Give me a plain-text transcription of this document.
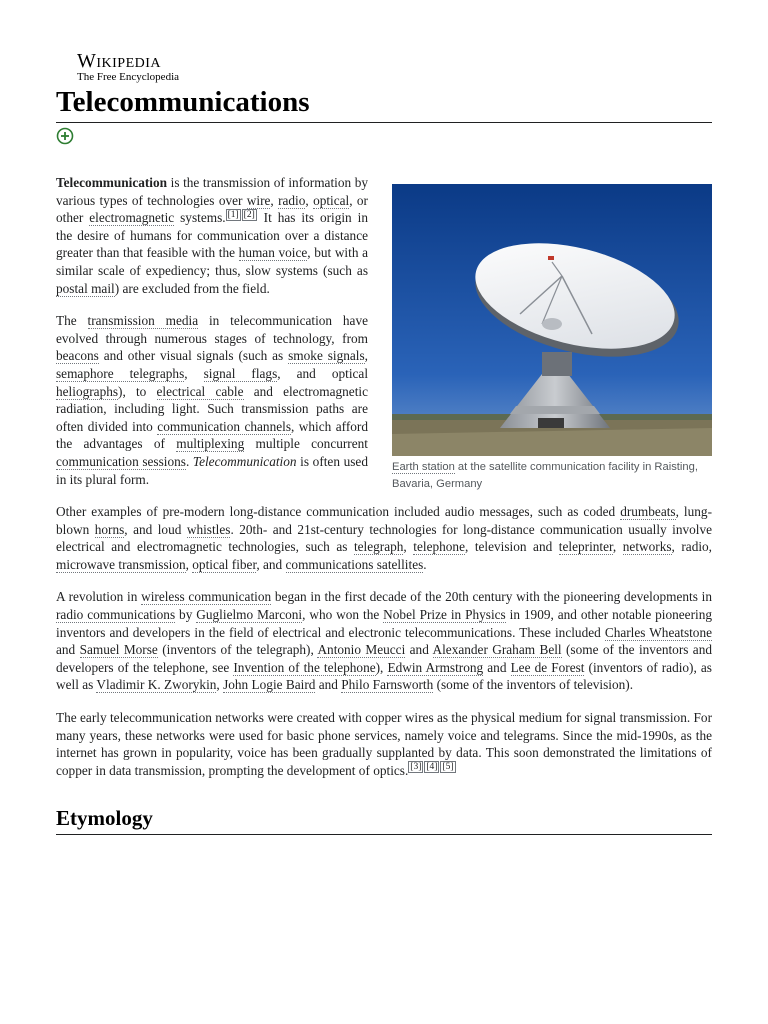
Wikipedia
The Free Encyclopedia
Telecommunications
Earth station at the satellite communication facility in Raisting, Bavaria, Germany

Telecommunication is the transmission of information by various types of technologies over wire, radio, optical, or other electromagnetic systems. [1] [2] It has its origin in the desire of humans for communication over a distance greater than that feasible with the human voice, but with a similar scale of expediency; thus, slow systems (such as postal mail) are excluded from the field.

The transmission media in telecommunication have evolved through numerous stages of technology, from beacons and other visual signals (such as smoke signals, semaphore telegraphs, signal flags, and optical heliographs), to electrical cable and electromagnetic radiation, including light. Such transmission paths are often divided into communication channels, which afford the advantages of multiplexing multiple concurrent communication sessions. Telecommunication is often used in its plural form.

Other examples of pre-modern long-distance communication included audio messages, such as coded drumbeats, lung-blown horns, and loud whistles. 20th- and 21st-century technologies for long-distance communication usually involve electrical and electromagnetic technologies, such as telegraph, telephone, television and teleprinter, networks, radio, microwave transmission, optical fiber, and communications satellites.

A revolution in wireless communication began in the first decade of the 20th century with the pioneering developments in radio communications by Guglielmo Marconi, who won the Nobel Prize in Physics in 1909, and other notable pioneering inventors and developers in the field of electrical and electronic telecommunications. These included Charles Wheatstone and Samuel Morse (inventors of the telegraph), Antonio Meucci and Alexander Graham Bell (some of the inventors and developers of the telephone, see Invention of the telephone), Edwin Armstrong and Lee de Forest (inventors of radio), as well as Vladimir K. Zworykin, John Logie Baird and Philo Farnsworth (some of the inventors of television).

The early telecommunication networks were created with copper wires as the physical medium for signal transmission. For many years, these networks were used for basic phone services, namely voice and telegrams. Since the mid-1990s, as the internet has grown in popularity, voice has been gradually supplanted by data. This soon demonstrated the limitations of copper in data transmission, prompting the development of optics. [3] [4] [5]

Etymology
